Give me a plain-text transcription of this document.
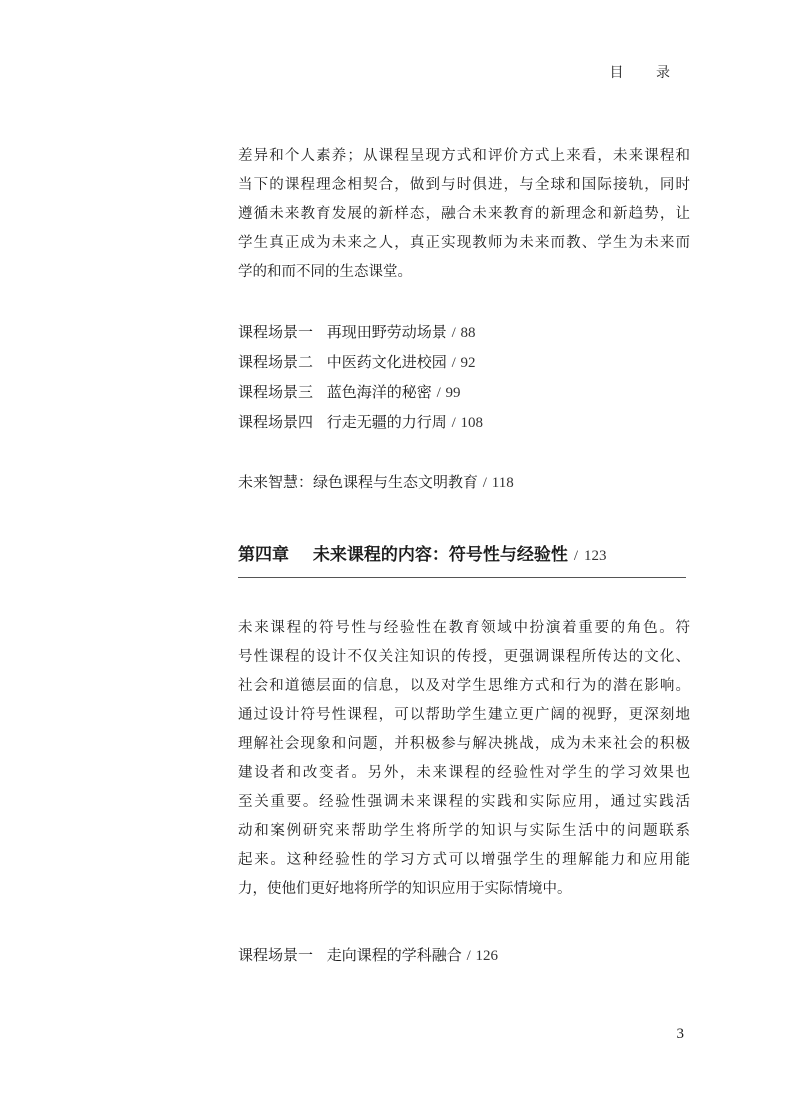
目 录
差异和个人素养；从课程呈现方式和评价方式上来看，未来课程和
当下的课程理念相契合，做到与时俱进，与全球和国际接轨，同时
遵循未来教育发展的新样态，融合未来教育的新理念和新趋势，让
学生真正成为未来之人，真正实现教师为未来而教、学生为未来而
学的和而不同的生态课堂。
课程场景一 再现田野劳动场景 / 88
课程场景二 中医药文化进校园 / 92
课程场景三 蓝色海洋的秘密 / 99
课程场景四 行走无疆的力行周 / 108
未来智慧：绿色课程与生态文明教育 / 118
第四章 未来课程的内容：符号性与经验性 / 123
未来课程的符号性与经验性在教育领域中扮演着重要的角色。符
号性课程的设计不仅关注知识的传授，更强调课程所传达的文化、
社会和道德层面的信息，以及对学生思维方式和行为的潜在影响。
通过设计符号性课程，可以帮助学生建立更广阔的视野，更深刻地
理解社会现象和问题，并积极参与解决挑战，成为未来社会的积极
建设者和改变者。另外，未来课程的经验性对学生的学习效果也
至关重要。经验性强调未来课程的实践和实际应用，通过实践活
动和案例研究来帮助学生将所学的知识与实际生活中的问题联系
起来。这种经验性的学习方式可以增强学生的理解能力和应用能
力，使他们更好地将所学的知识应用于实际情境中。
课程场景一 走向课程的学科融合 / 126
3
